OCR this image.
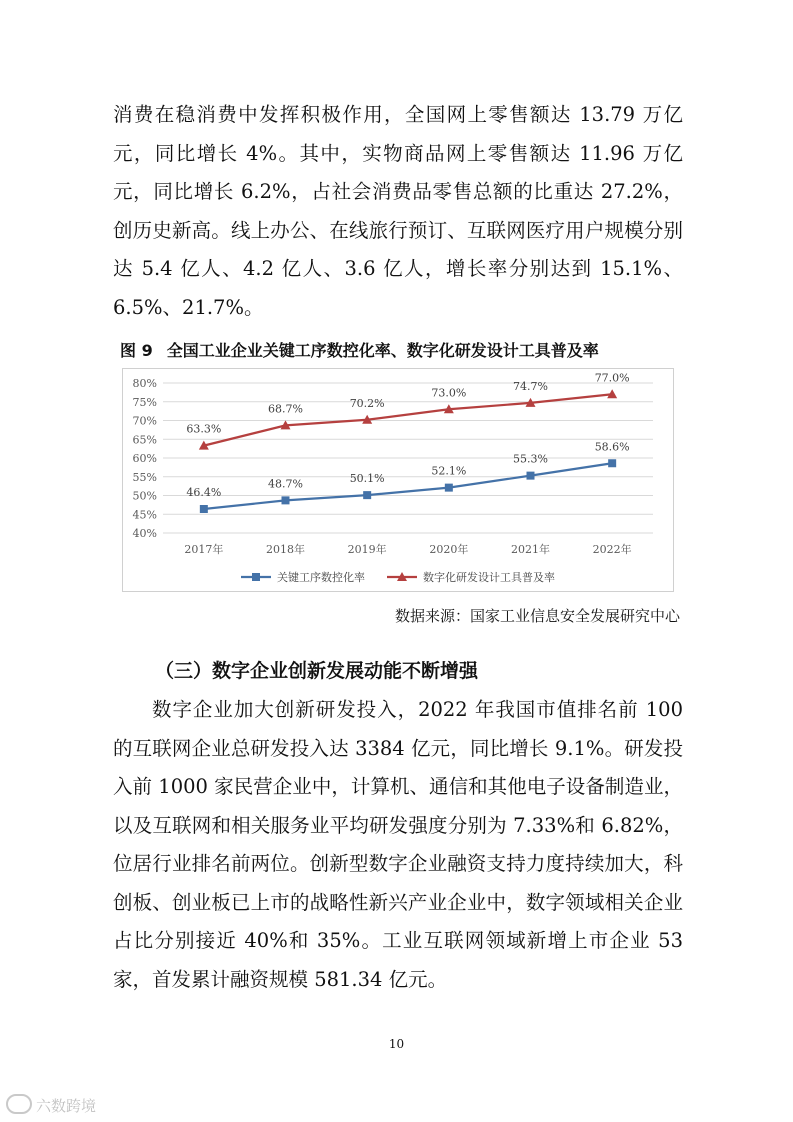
消费在稳消费中发挥积极作用，全国网上零售额达 13.79 万亿元，同比增长 4%。其中，实物商品网上零售额达 11.96 万亿元，同比增长 6.2%，占社会消费品零售总额的比重达 27.2%，创历史新高。线上办公、在线旅行预订、互联网医疗用户规模分别达 5.4 亿人、4.2 亿人、3.6 亿人，增长率分别达到 15.1%、6.5%、21.7%。

图 9 全国工业企业关键工序数控化率、数字化研发设计工具普及率
40%
45%
50%
55%
60%
65%
70%
75%
80%
2017年	2018年	2019年	2020年	2021年	2022年
46.4%
48.7%	50.1%
52.1%
55.3%
58.6%
63.3%
68.7%	70.2%
73.0%	74.7%
77.0%
关键工序数控化率	数字化研发设计工具普及率
数据来源：国家工业信息安全发展研究中心
（三）数字企业创新发展动能不断增强

数字企业加大创新研发投入，2022 年我国市值排名前 100 的互联网企业总研发投入达 3384 亿元，同比增长 9.1%。研发投入前 1000 家民营企业中，计算机、通信和其他电子设备制造业，以及互联网和相关服务业平均研发强度分别为 7.33%和 6.82%，位居行业排名前两位。创新型数字企业融资支持力度持续加大，科创板、创业板已上市的战略性新兴产业企业中，数字领域相关企业占比分别接近 40%和 35%。工业互联网领域新增上市企业 53 家，首发累计融资规模 581.34 亿元。

10
六数跨境
